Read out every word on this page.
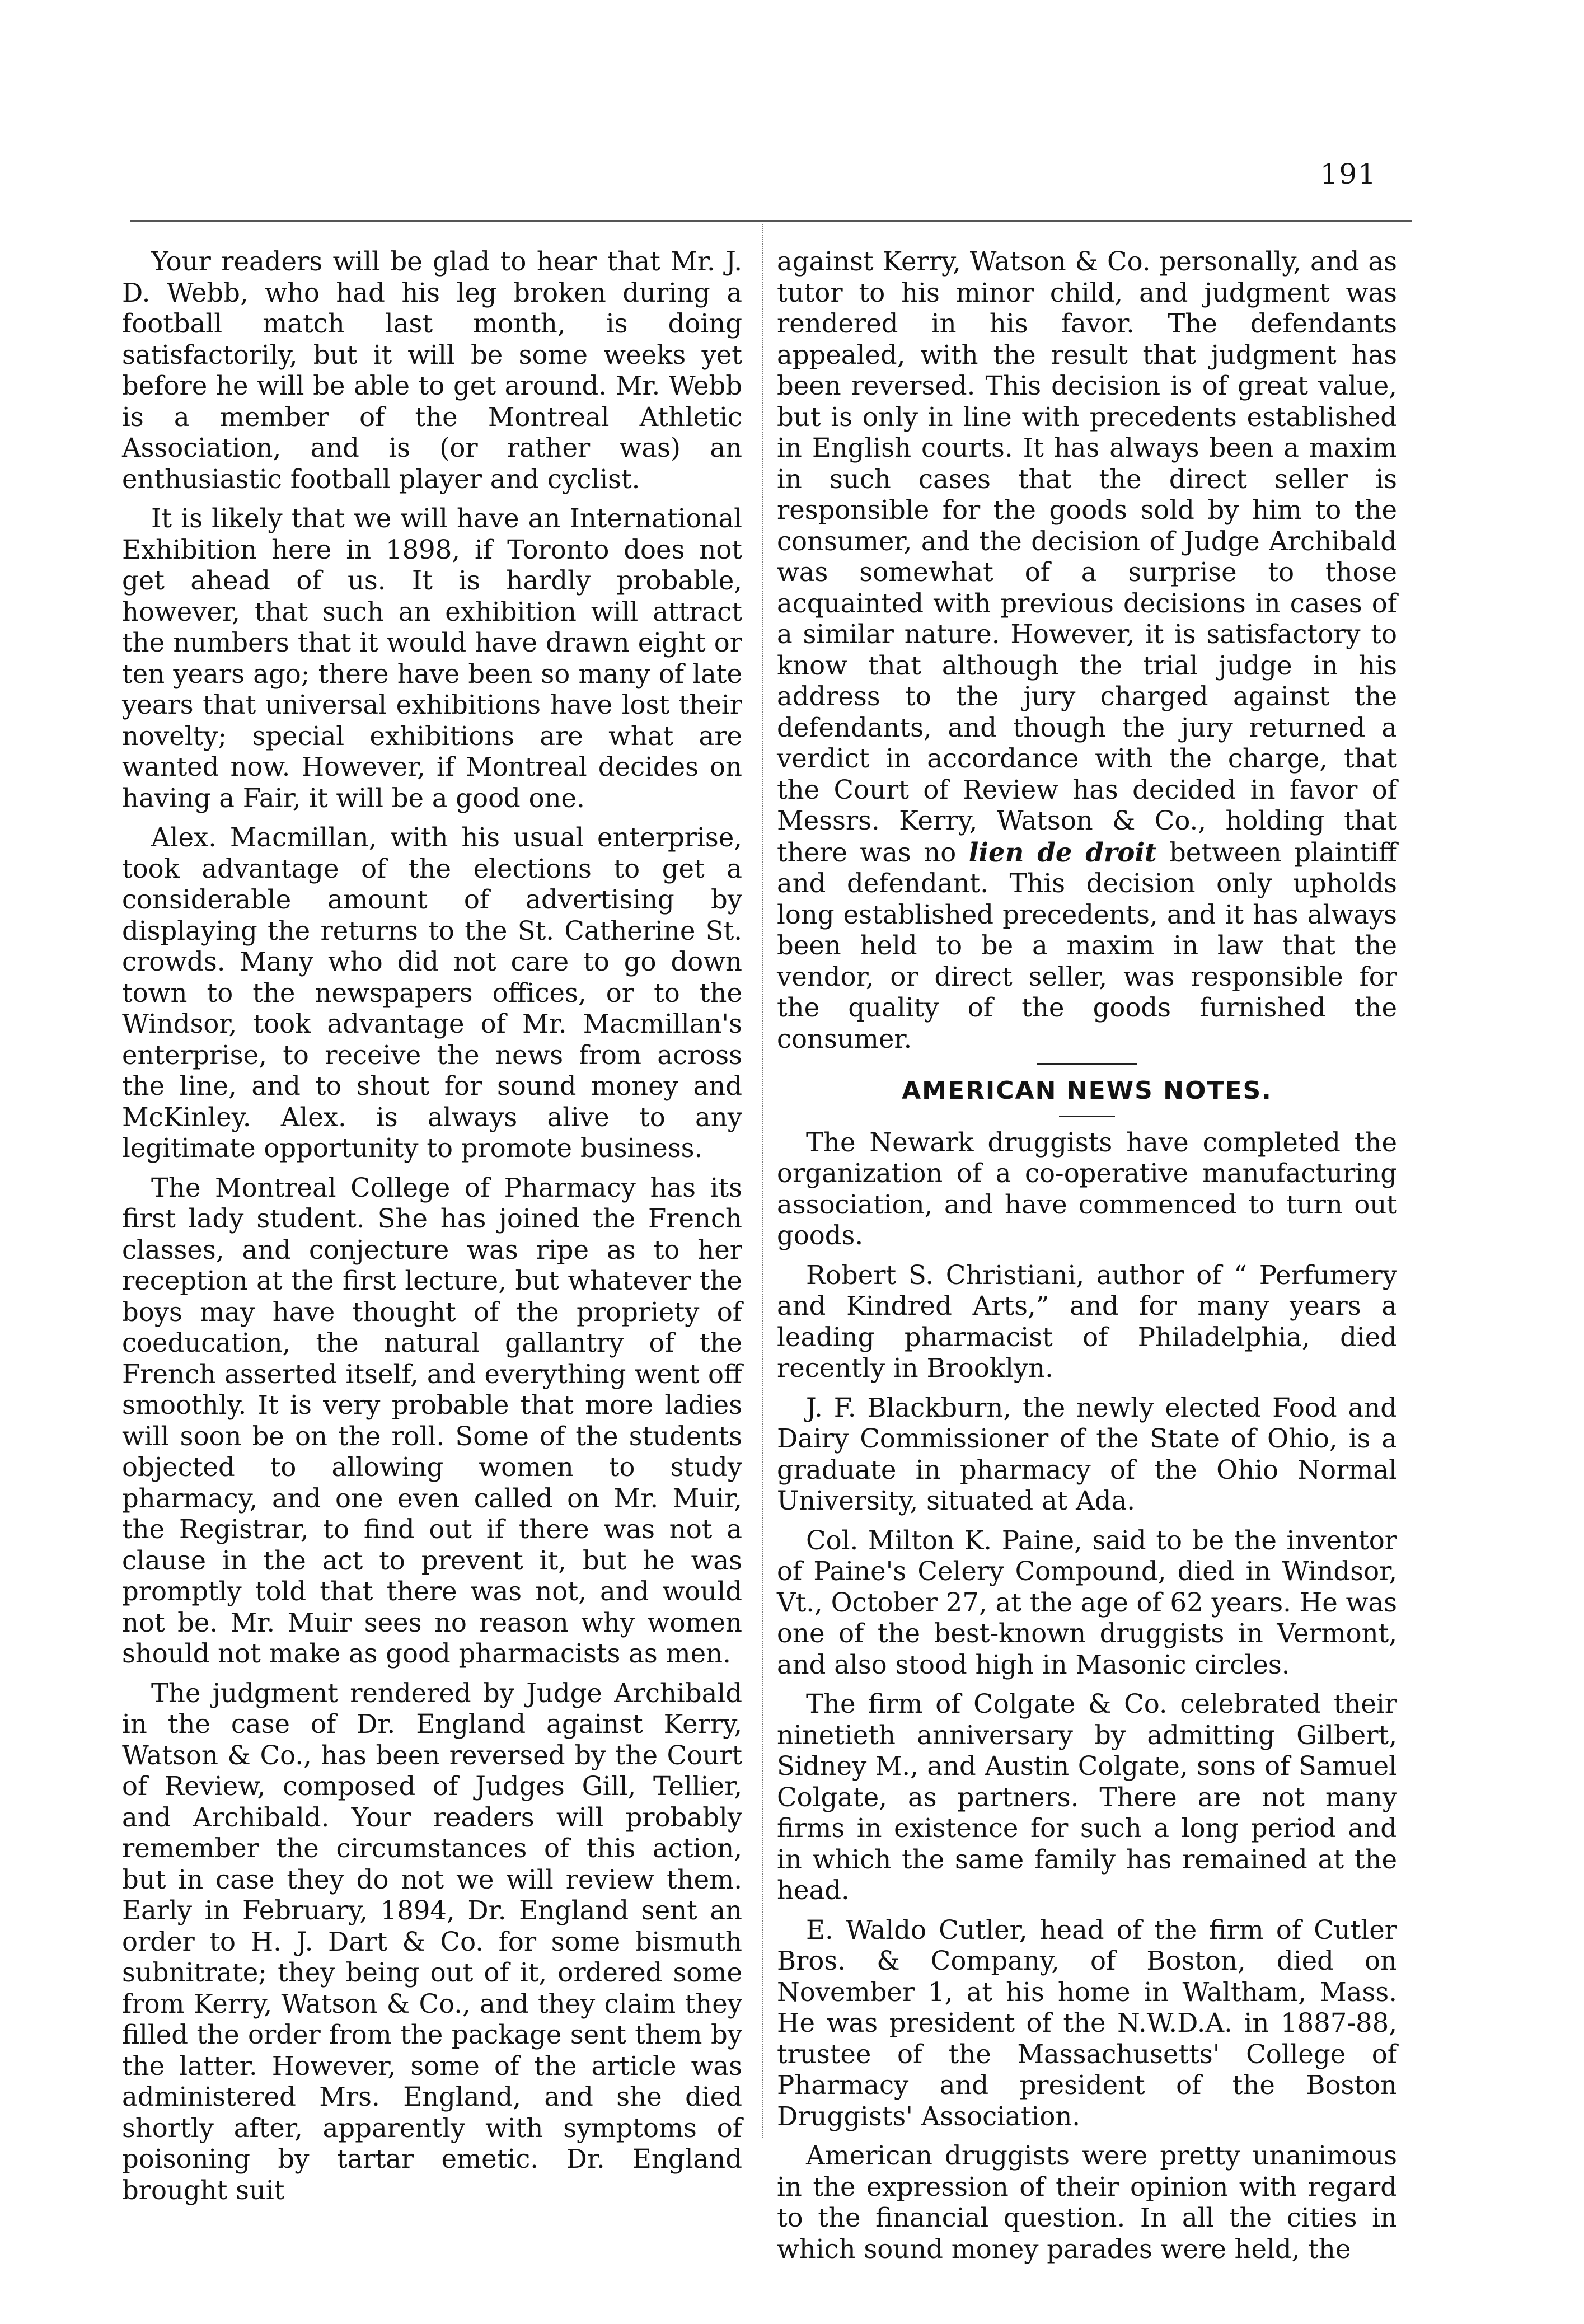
191

Your readers will be glad to hear that Mr. J. D. Webb, who had his leg broken during a football match last month, is doing satisfactorily, but it will be some weeks yet before he will be able to get around. Mr. Webb is a member of the Montreal Athletic Association, and is (or rather was) an enthusiastic football player and cyclist.

It is likely that we will have an International Exhibition here in 1898, if Toronto does not get ahead of us. It is hardly probable, however, that such an exhibition will attract the numbers that it would have drawn eight or ten years ago; there have been so many of late years that universal exhibitions have lost their novelty; special exhibitions are what are wanted now. However, if Montreal decides on having a Fair, it will be a good one.

Alex. Macmillan, with his usual enterprise, took advantage of the elections to get a considerable amount of advertising by displaying the returns to the St. Catherine St. crowds. Many who did not care to go down town to the newspapers offices, or to the Windsor, took advantage of Mr. Macmillan's enterprise, to receive the news from across the line, and to shout for sound money and McKinley. Alex. is always alive to any legitimate opportunity to promote business.

The Montreal College of Pharmacy has its first lady student. She has joined the French classes, and conjecture was ripe as to her reception at the first lecture, but whatever the boys may have thought of the propriety of coeducation, the natural gallantry of the French asserted itself, and everything went off smoothly. It is very probable that more ladies will soon be on the roll. Some of the students objected to allowing women to study pharmacy, and one even called on Mr. Muir, the Registrar, to find out if there was not a clause in the act to prevent it, but he was promptly told that there was not, and would not be. Mr. Muir sees no reason why women should not make as good pharmacists as men.

The judgment rendered by Judge Archibald in the case of Dr. England against Kerry, Watson & Co., has been reversed by the Court of Review, composed of Judges Gill, Tellier, and Archibald. Your readers will probably remember the circumstances of this action, but in case they do not we will review them. Early in February, 1894, Dr. England sent an order to H. J. Dart & Co. for some bismuth subnitrate; they being out of it, ordered some from Kerry, Watson & Co., and they claim they filled the order from the package sent them by the latter. However, some of the article was administered Mrs. England, and she died shortly after, apparently with symptoms of poisoning by tartar emetic. Dr. England brought suit

against Kerry, Watson & Co. personally, and as tutor to his minor child, and judgment was rendered in his favor. The defendants appealed, with the result that judgment has been reversed. This decision is of great value, but is only in line with precedents established in English courts. It has always been a maxim in such cases that the direct seller is responsible for the goods sold by him to the consumer, and the decision of Judge Archibald was somewhat of a surprise to those acquainted with previous decisions in cases of a similar nature. However, it is satisfactory to know that although the trial judge in his address to the jury charged against the defendants, and though the jury returned a verdict in accordance with the charge, that the Court of Review has decided in favor of Messrs. Kerry, Watson & Co., holding that there was no lien de droit between plaintiff and defendant. This decision only upholds long established precedents, and it has always been held to be a maxim in law that the vendor, or direct seller, was responsible for the quality of the goods furnished the consumer.

AMERICAN NEWS NOTES.

The Newark druggists have completed the organization of a co-operative manufacturing association, and have commenced to turn out goods.

Robert S. Christiani, author of “ Perfumery and Kindred Arts,” and for many years a leading pharmacist of Philadelphia, died recently in Brooklyn.

J. F. Blackburn, the newly elected Food and Dairy Commissioner of the State of Ohio, is a graduate in pharmacy of the Ohio Normal University, situated at Ada.

Col. Milton K. Paine, said to be the inventor of Paine's Celery Compound, died in Windsor, Vt., October 27, at the age of 62 years. He was one of the best-known druggists in Vermont, and also stood high in Masonic circles.

The firm of Colgate & Co. celebrated their ninetieth anniversary by admitting Gilbert, Sidney M., and Austin Colgate, sons of Samuel Colgate, as partners. There are not many firms in existence for such a long period and in which the same family has remained at the head.

E. Waldo Cutler, head of the firm of Cutler Bros. & Company, of Boston, died on November 1, at his home in Waltham, Mass. He was president of the N.W.D.A. in 1887-88, trustee of the Massachusetts' College of Pharmacy and president of the Boston Druggists' Association.

American druggists were pretty unanimous in the expression of their opinion with regard to the financial question. In all the cities in which sound money parades were held, the
